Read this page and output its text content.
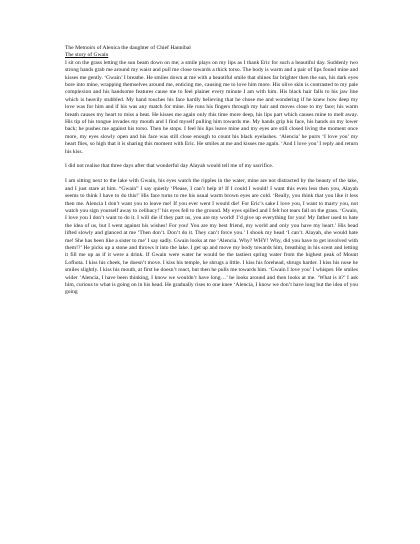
The Memoirs of Alenica the daughter of Chief Hannibal

The story of Gwain

I sit on the grass letting the sun beam down on me; a smile plays on my lips as I thank Eric for such a beautiful day. Suddenly two strong hands grab me around my waist and pull me close towards a thick torso. The body is warm and a pair of lips found mine and kisses me gently. ‘Gwain’ I breathe. He smiles down at me with a beautiful smile that shines far brighter then the sun, his dark eyes bore into mine, wrapping themselves around me, enticing me, causing me to love him more. His olive skin is contrasted to my pale complexion and his handsome features cause me to feel plainer every minute I am with him. His black hair falls to his jaw line which is heavily stubbled. My hand touches his face hardly believing that he chose me and wondering if he knew how deep my love was for him and if his was any match for mine. He runs his fingers through my hair and moves close to my face; his warm breath causes my heart to miss a beat. He kisses me again only this time more deep, his lips part which causes mine to melt away. His tip of his tongue invades my mouth and I find myself pulling him towards me. My hands grip his face, his hands on my lower back; he pushes me against his torso. Then he stops. I feel his lips leave mine and my eyes are still closed living the moment once more, my eyes slowly open and his face was still close enough to count his black eyelashes. ‘Alencia’ he purrs ‘I love you’ my heart flies, so high that it is sharing this moment with Eric. He smiles at me and kisses me again. ‘And I love you’ I reply and return his kiss.

I did not realise that three days after that wonderful day Alayah would tell me of my sacrifice.

I am sitting next to the lake with Gwain, his eyes watch the ripples in the water, mine are not distracted by the beauty of the lake, and I just stare at him. “Gwain” I say quietly ‘Please, I can’t help it! If I could I would! I want this even less then you, Alayah seems to think I have to do this!’ His face turns to me his usual warm brown eyes are cold. ‘Really, you think that you like it less then me. Alencia I don’t want you to leave me! If you ever went I would die! For Eric’s sake I love you, I want to marry you, not watch you sign yourself away to celibacy!’ his eyes fell to the ground. My eyes spilled and I felt hot tears fall on the grass. ‘Gwain, I love you I don’t want to do it. I will die if they part us, you are my world! I’d give up everything for you! My father used to hate the idea of us, but I went against his wishes! For you! You are my best friend, my world and only you have my heart.’ His head lifted slowly and glanced at me ‘Then don’t. Don’t do it. They can’t force you.’ I shook my head ‘I can’t. Alayah, she would hate me! She has been like a sister to me’ I say sadly. Gwain looks at me ‘Alencia. Why? WHY! Why, did you have to get involved with them!?’ He picks up a stone and throws it into the lake. I get up and move my body towards him, breathing in his scent and letting it fill me up as if it were a drink. If Gwain were water he would be the tastiest spring water from the highest peak of Mount Lofhota. I kiss his cheek, he doesn’t move. I kiss his temple, he shrugs a little. I kiss his forehead, shrugs harder. I kiss his nose he smiles slightly. I kiss his mouth, at first he doesn’t react, but then he pulls me towards him. ‘Gwain I love you’ I whisper. He smiles wider ‘Alencia, I have been thinking, I know we wouldn’t have long…’ he looks around and then looks at me. ‘What is it?’ I ask him, curious to what is going on in his head. He gradually rises to one knee ‘Alencia, I know we don’t have long but the idea of you going
